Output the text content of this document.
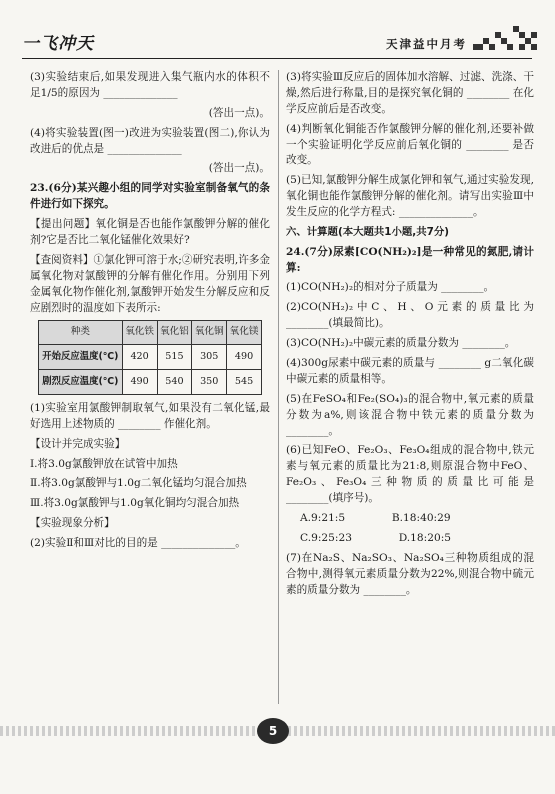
一飞冲天	天津益中月考

(3)实验结束后,如果发现进入集气瓶内水的体积不足1/5的原因为 ______________

(答出一点)。

(4)将实验装置(图一)改进为实验装置(图二),你认为改进后的优点是 ______________

(答出一点)。

23.(6分)某兴趣小组的同学对实验室制备氧气的条件进行如下探究。

【提出问题】氧化铜是否也能作氯酸钾分解的催化剂?它是否比二氧化锰催化效果好?

【查阅资料】①氯化钾可溶于水;②研究表明,许多金属氧化物对氯酸钾的分解有催化作用。分别用下列金属氧化物作催化剂,氯酸钾开始发生分解反应和反应剧烈时的温度如下表所示:

种类	氧化铁	氧化铝	氧化铜	氧化镁
开始反应温度(℃)	420	515	305	490
剧烈反应温度(℃)	490	540	350	545

(1)实验室用氯酸钾制取氧气,如果没有二氧化锰,最好选用上述物质的 ________ 作催化剂。

【设计并完成实验】

Ⅰ.将3.0g氯酸钾放在试管中加热

Ⅱ.将3.0g氯酸钾与1.0g二氧化锰均匀混合加热

Ⅲ.将3.0g氯酸钾与1.0g氧化铜均匀混合加热

【实验现象分析】

(2)实验Ⅱ和Ⅲ对比的目的是 ______________。

(3)将实验Ⅲ反应后的固体加水溶解、过滤、洗涤、干燥,然后进行称量,目的是探究氧化铜的 ________ 在化学反应前后是否改变。

(4)判断氧化铜能否作氯酸钾分解的催化剂,还要补做一个实验证明化学反应前后氧化铜的 ________ 是否改变。

(5)已知,氯酸钾分解生成氯化钾和氧气,通过实验发现,氧化铜也能作氯酸钾分解的催化剂。请写出实验Ⅲ中发生反应的化学方程式: ______________。

六、计算题(本大题共1小题,共7分)

24.(7分)尿素[CO(NH₂)₂]是一种常见的氮肥,请计算:

(1)CO(NH₂)₂的相对分子质量为 ________。

(2)CO(NH₂)₂中C、H、O元素的质量比为 ________(填最简比)。

(3)CO(NH₂)₂中碳元素的质量分数为 ________。

(4)300g尿素中碳元素的质量与 ________ g二氧化碳中碳元素的质量相等。

(5)在FeSO₄和Fe₂(SO₄)₃的混合物中,氧元素的质量分数为a%,则该混合物中铁元素的质量分数为 ________。

(6)已知FeO、Fe₂O₃、Fe₃O₄组成的混合物中,铁元素与氧元素的质量比为21:8,则原混合物中FeO、Fe₂O₃、Fe₃O₄三种物质的质量比可能是 ________(填序号)。

A.9:21:5	B.18:40:29

C.9:25:23	D.18:20:5

(7)在Na₂S、Na₂SO₃、Na₂SO₄三种物质组成的混合物中,测得氧元素质量分数为22%,则混合物中硫元素的质量分数为 ________。

5
